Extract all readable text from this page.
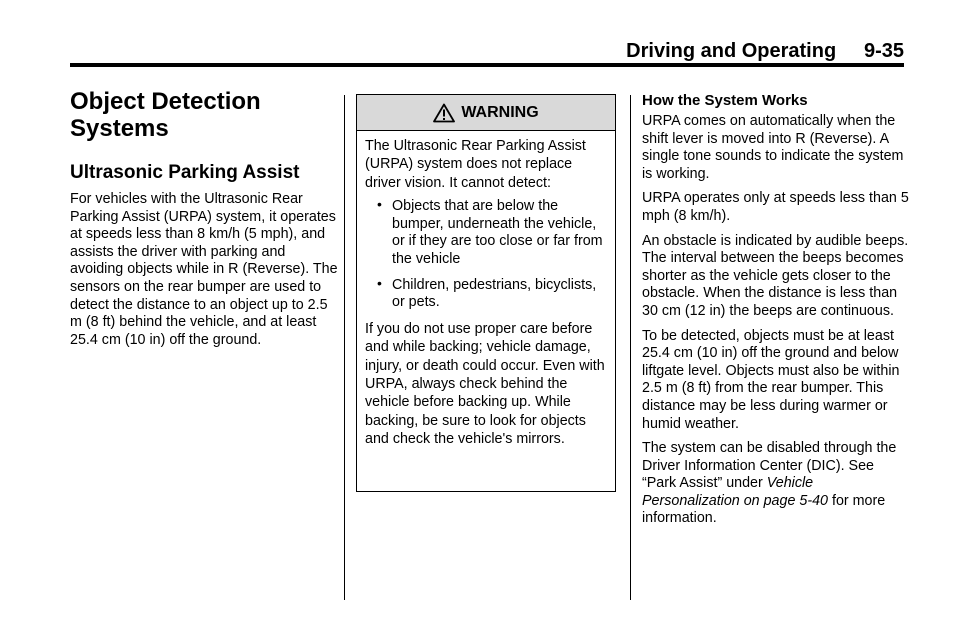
Driving and Operating     9-35
Object Detection Systems
Ultrasonic Parking Assist

For vehicles with the Ultrasonic Rear Parking Assist (URPA) system, it operates at speeds less than 8 km/h (5 mph), and assists the driver with parking and avoiding objects while in R (Reverse). The sensors on the rear bumper are used to detect the distance to an object up to 2.5 m (8 ft) behind the vehicle, and at least 25.4 cm (10 in) off the ground.

WARNING

The Ultrasonic Rear Parking Assist (URPA) system does not replace driver vision. It cannot detect:

• Objects that are below the bumper, underneath the vehicle, or if they are too close or far from the vehicle
• Children, pedestrians, bicyclists, or pets.

If you do not use proper care before and while backing; vehicle damage, injury, or death could occur. Even with URPA, always check behind the vehicle before backing up. While backing, be sure to look for objects and check the vehicle's mirrors.

How the System Works

URPA comes on automatically when the shift lever is moved into R (Reverse). A single tone sounds to indicate the system is working.

URPA operates only at speeds less than 5 mph (8 km/h).

An obstacle is indicated by audible beeps. The interval between the beeps becomes shorter as the vehicle gets closer to the obstacle. When the distance is less than 30 cm (12 in) the beeps are continuous.

To be detected, objects must be at least 25.4 cm (10 in) off the ground and below liftgate level. Objects must also be within 2.5 m (8 ft) from the rear bumper. This distance may be less during warmer or humid weather.

The system can be disabled through the Driver Information Center (DIC). See “Park Assist” under Vehicle Personalization on page 5-40 for more information.
